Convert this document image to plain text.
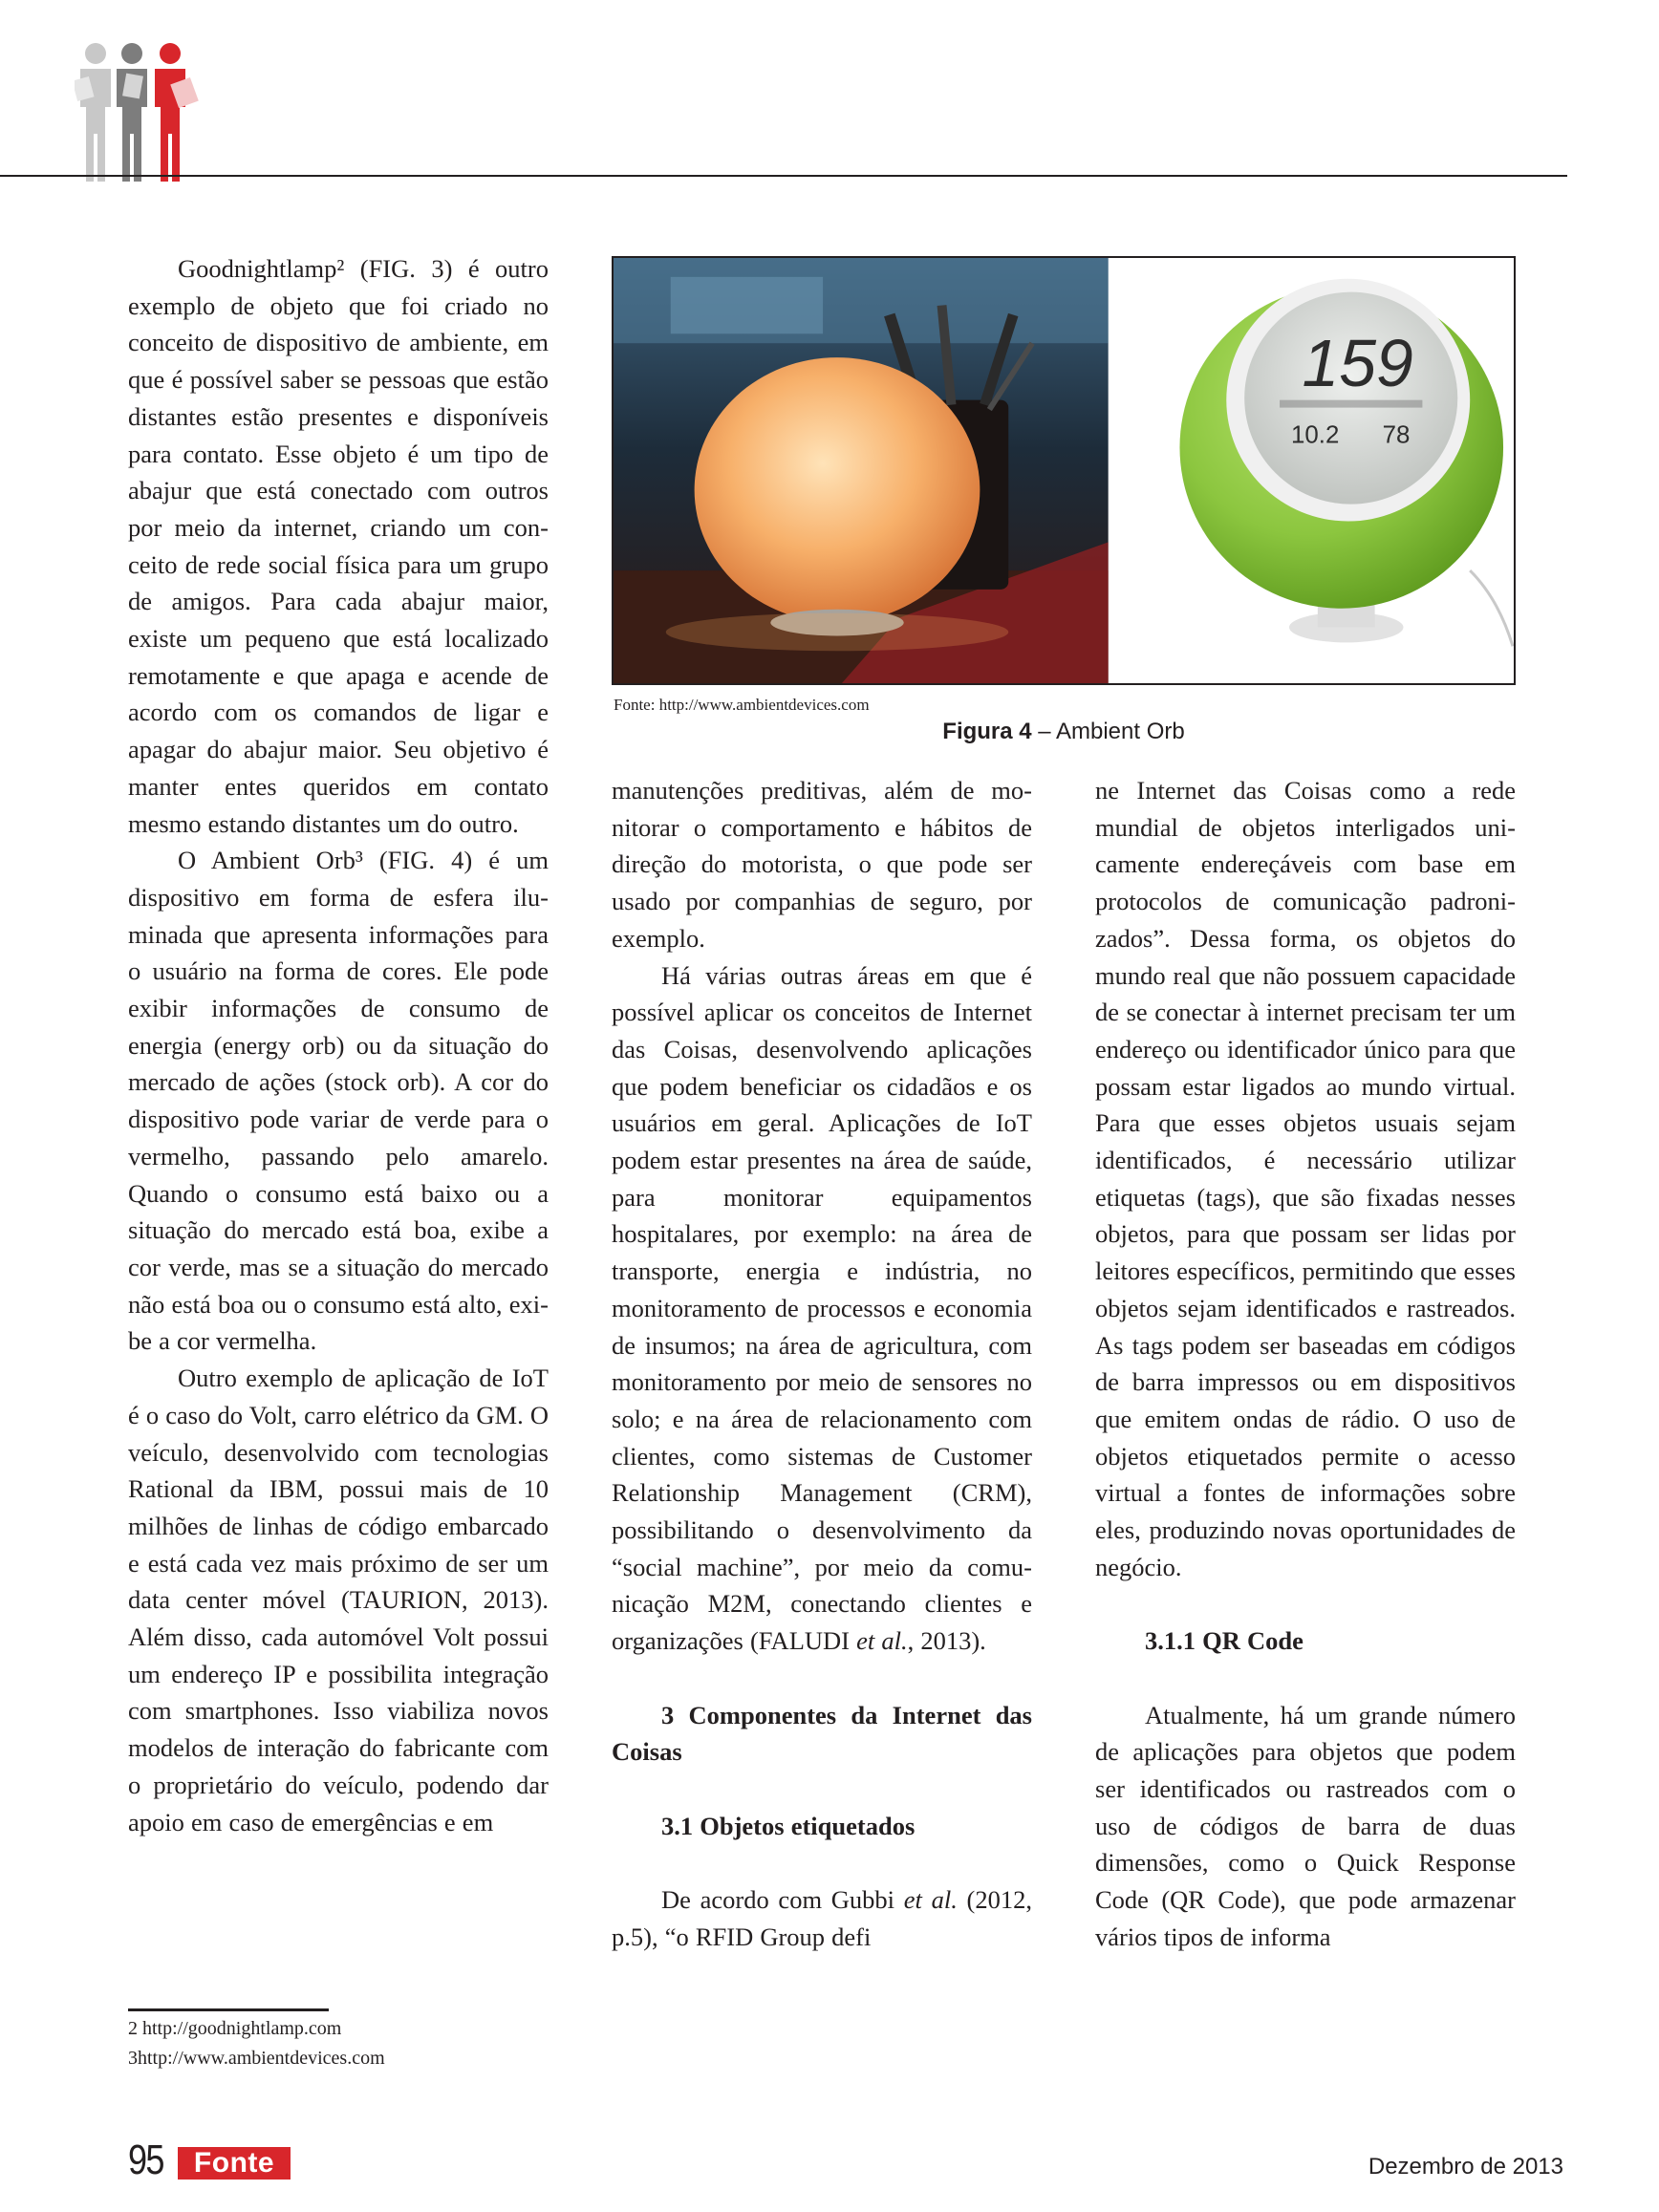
Goodnightlamp² (FIG. 3) é outro exemplo de objeto que foi criado no conceito de dispositivo de ambiente, em que é possível saber se pessoas que estão distantes estão presentes e disponíveis para contato. Esse objeto é um tipo de abajur que está conectado com outros por meio da internet, criando um conceito de rede social física para um grupo de amigos. Para cada abajur maior, existe um pequeno que está localizado remotamente e que apaga e acende de acordo com os comandos de ligar e apagar do abajur maior. Seu objetivo é manter entes queridos em contato mesmo estando distantes um do outro.

O Ambient Orb³ (FIG. 4) é um dispositivo em forma de esfera iluminada que apresenta informações para o usuário na forma de cores. Ele pode exibir informações de consumo de energia (energy orb) ou da situação do mercado de ações (stock orb). A cor do dispositivo pode variar de verde para o vermelho, passando pelo amarelo. Quando o consumo está baixo ou a situação do mercado está boa, exibe a cor verde, mas se a situação do mercado não está boa ou o consumo está alto, exibe a cor vermelha.

Outro exemplo de aplicação de IoT é o caso do Volt, carro elétrico da GM. O veículo, desenvolvido com tecnologias Rational da IBM, possui mais de 10 milhões de linhas de código embarcado e está cada vez mais próximo de ser um data center móvel (TAURION, 2013). Além disso, cada automóvel Volt possui um endereço IP e possibilita integração com smartphones. Isso viabiliza novos modelos de interação do fabricante com o proprietário do veículo, podendo dar apoio em caso de emergências e em

159
10.2 78
Fonte: http://www.ambientdevices.com
Figura 4 – Ambient Orb

manutenções preditivas, além de monitorar o comportamento e hábitos de direção do motorista, o que pode ser usado por companhias de seguro, por exemplo.

Há várias outras áreas em que é possível aplicar os conceitos de Internet das Coisas, desenvolvendo aplicações que podem beneficiar os cidadãos e os usuários em geral. Aplicações de IoT podem estar presentes na área de saúde, para monitorar equipamentos hospitalares, por exemplo: na área de transporte, energia e indústria, no monitoramento de processos e economia de insumos; na área de agricultura, com monitoramento por meio de sensores no solo; e na área de relacionamento com clientes, como sistemas de Customer Relationship Management (CRM), possibilitando o desenvolvimento da “social machine”, por meio da comunicação M2M, conectando clientes e organizações (FALUDI et al., 2013).

3 Componentes da Internet das Coisas
3.1 Objetos etiquetados

De acordo com Gubbi et al. (2012, p.5), “o RFID Group defi

ne Internet das Coisas como a rede mundial de objetos interligados unicamente endereçáveis com base em protocolos de comunicação padronizados”. Dessa forma, os objetos do mundo real que não possuem capacidade de se conectar à internet precisam ter um endereço ou identificador único para que possam estar ligados ao mundo virtual. Para que esses objetos usuais sejam identificados, é necessário utilizar etiquetas (tags), que são fixadas nesses objetos, para que possam ser lidas por leitores específicos, permitindo que esses objetos sejam identificados e rastreados. As tags podem ser baseadas em códigos de barra impressos ou em dispositivos que emitem ondas de rádio. O uso de objetos etiquetados permite o acesso virtual a fontes de informações sobre eles, produzindo novas oportunidades de negócio.

3.1.1 QR Code

Atualmente, há um grande número de aplicações para objetos que podem ser identificados ou rastreados com o uso de códigos de barra de duas dimensões, como o Quick Response Code (QR Code), que pode armazenar vários tipos de informa

2 http://goodnightlamp.com
3http://www.ambientdevices.com
95	Fonte	Dezembro de 2013
